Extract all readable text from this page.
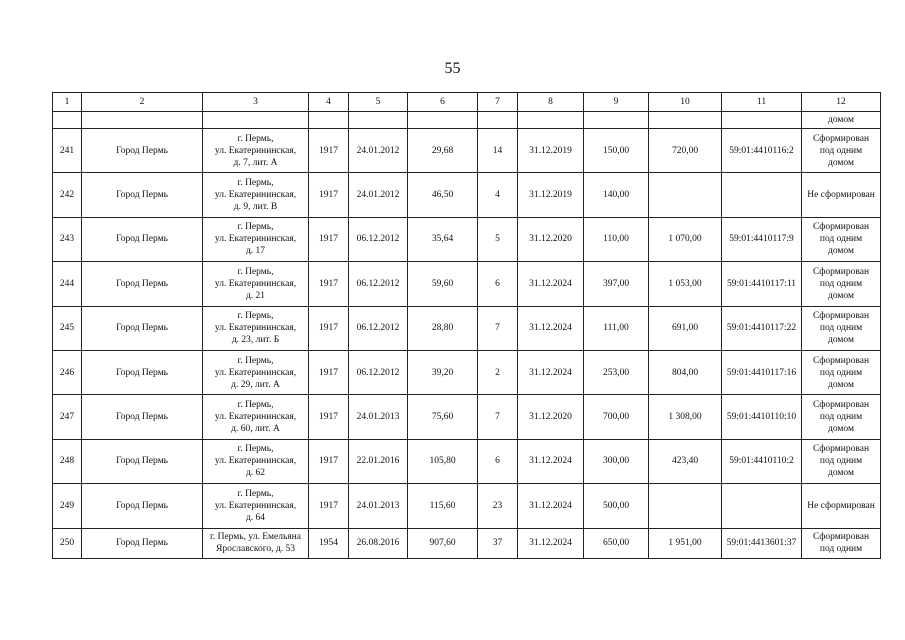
55
1	2	3	4	5	6	7	8	9	10	11	12
											домом
241	Город Пермь	г. Пермь,
ул. Екатерининская,
д. 7, лит. А	1917	24.01.2012	29,68	14	31.12.2019	150,00	720,00	59:01:4410116:2	Сформирован
под одним
домом
242	Город Пермь	г. Пермь,
ул. Екатерининская,
д. 9, лит. В	1917	24.01.2012	46,50	4	31.12.2019	140,00			Не сформирован
243	Город Пермь	г. Пермь,
ул. Екатерининская,
д. 17	1917	06.12.2012	35,64	5	31.12.2020	110,00	1 070,00	59:01:4410117:9	Сформирован
под одним
домом
244	Город Пермь	г. Пермь,
ул. Екатерининская,
д. 21	1917	06.12.2012	59,60	6	31.12.2024	397,00	1 053,00	59:01:4410117:11	Сформирован
под одним
домом
245	Город Пермь	г. Пермь,
ул. Екатерининская,
д. 23, лит. Б	1917	06.12.2012	28,80	7	31.12.2024	111,00	691,00	59:01:4410117:22	Сформирован
под одним
домом
246	Город Пермь	г. Пермь,
ул. Екатерининская,
д. 29, лит. А	1917	06.12.2012	39,20	2	31.12.2024	253,00	804,00	59:01:4410117:16	Сформирован
под одним
домом
247	Город Пермь	г. Пермь,
ул. Екатерининская,
д. 60, лит. А	1917	24.01.2013	75,60	7	31.12.2020	700,00	1 308,00	59:01:4410110:10	Сформирован
под одним
домом
248	Город Пермь	г. Пермь,
ул. Екатерининская,
д. 62	1917	22.01.2016	105,80	6	31.12.2024	300,00	423,40	59:01:4410110:2	Сформирован
под одним
домом
249	Город Пермь	г. Пермь,
ул. Екатерининская,
д. 64	1917	24.01.2013	115,60	23	31.12.2024	500,00			Не сформирован
250	Город Пермь	г. Пермь, ул. Емельяна
Ярославского, д. 53	1954	26.08.2016	907,60	37	31.12.2024	650,00	1 951,00	59:01:4413601:37	Сформирован
под одним
